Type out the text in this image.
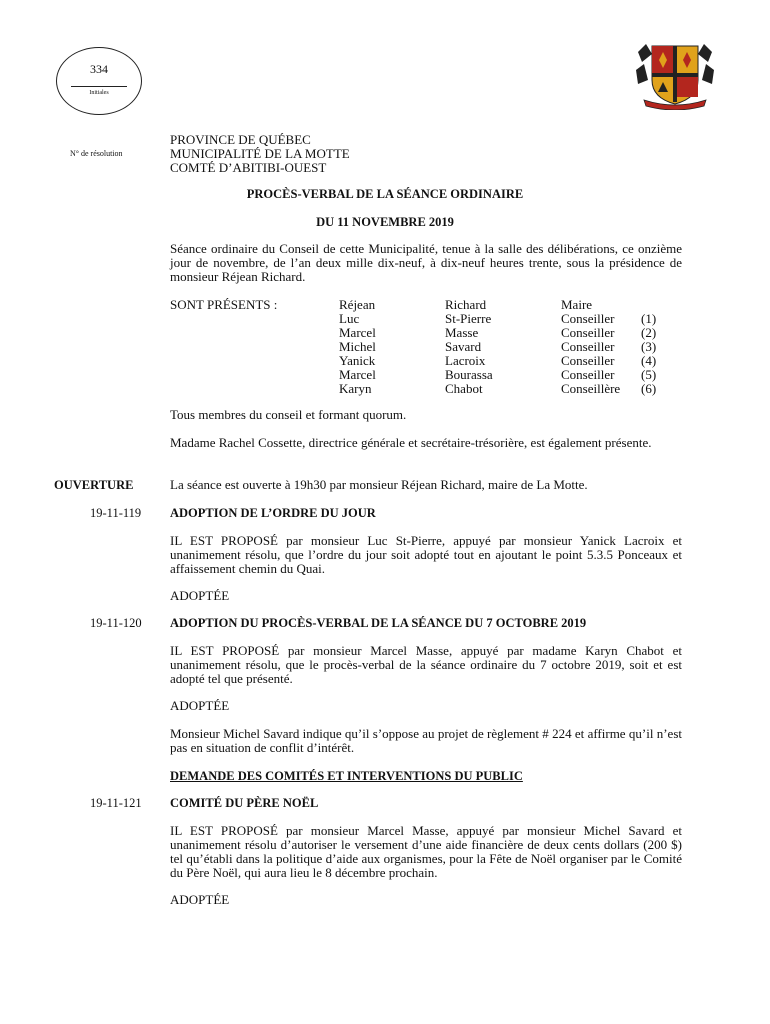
334
Initiales
N° de résolution
PROVINCE DE QUÉBEC
MUNICIPALITÉ DE LA MOTTE
COMTÉ D’ABITIBI-OUEST
PROCÈS-VERBAL DE LA SÉANCE ORDINAIRE
DU 11 NOVEMBRE 2019
Séance ordinaire du Conseil de cette Municipalité, tenue à la salle des délibérations, ce onzième jour de novembre, de l’an deux mille dix-neuf, à dix-neuf heures trente, sous la présidence de monsieur Réjean Richard.
SONT PRÉSENTS :	Réjean	Richard	Maire
Luc	St-Pierre	Conseiller (1)
Marcel	Masse	Conseiller (2)
Michel	Savard	Conseiller (3)
Yanick	Lacroix	Conseiller (4)
Marcel	Bourassa	Conseiller (5)
Karyn	Chabot	Conseillère (6)
Tous membres du conseil et formant quorum.
Madame Rachel Cossette, directrice générale et secrétaire-trésorière, est également présente.
OUVERTURE	La séance est ouverte à 19h30 par monsieur Réjean Richard, maire de La Motte.
19-11-119 ADOPTION DE L’ORDRE DU JOUR
IL EST PROPOSÉ par monsieur Luc St-Pierre, appuyé par monsieur Yanick Lacroix et unanimement résolu, que l’ordre du jour soit adopté tout en ajoutant le point 5.3.5 Ponceaux et affaissement chemin du Quai.
ADOPTÉE
19-11-120 ADOPTION DU PROCÈS-VERBAL DE LA SÉANCE DU 7 OCTOBRE 2019
IL EST PROPOSÉ par monsieur Marcel Masse, appuyé par madame Karyn Chabot et unanimement résolu, que le procès-verbal de la séance ordinaire du 7 octobre 2019, soit et est adopté tel que présenté.
ADOPTÉE
Monsieur Michel Savard indique qu’il s’oppose au projet de règlement # 224 et affirme qu’il n’est pas en situation de conflit d’intérêt.
DEMANDE DES COMITÉS ET INTERVENTIONS DU PUBLIC
19-11-121 COMITÉ DU PÈRE NOËL
IL EST PROPOSÉ par monsieur Marcel Masse, appuyé par monsieur Michel Savard et unanimement résolu d’autoriser le versement d’une aide financière de deux cents dollars (200 $) tel qu’établi dans la politique d’aide aux organismes, pour la Fête de Noël organiser par le Comité du Père Noël, qui aura lieu le 8 décembre prochain.
ADOPTÉE
